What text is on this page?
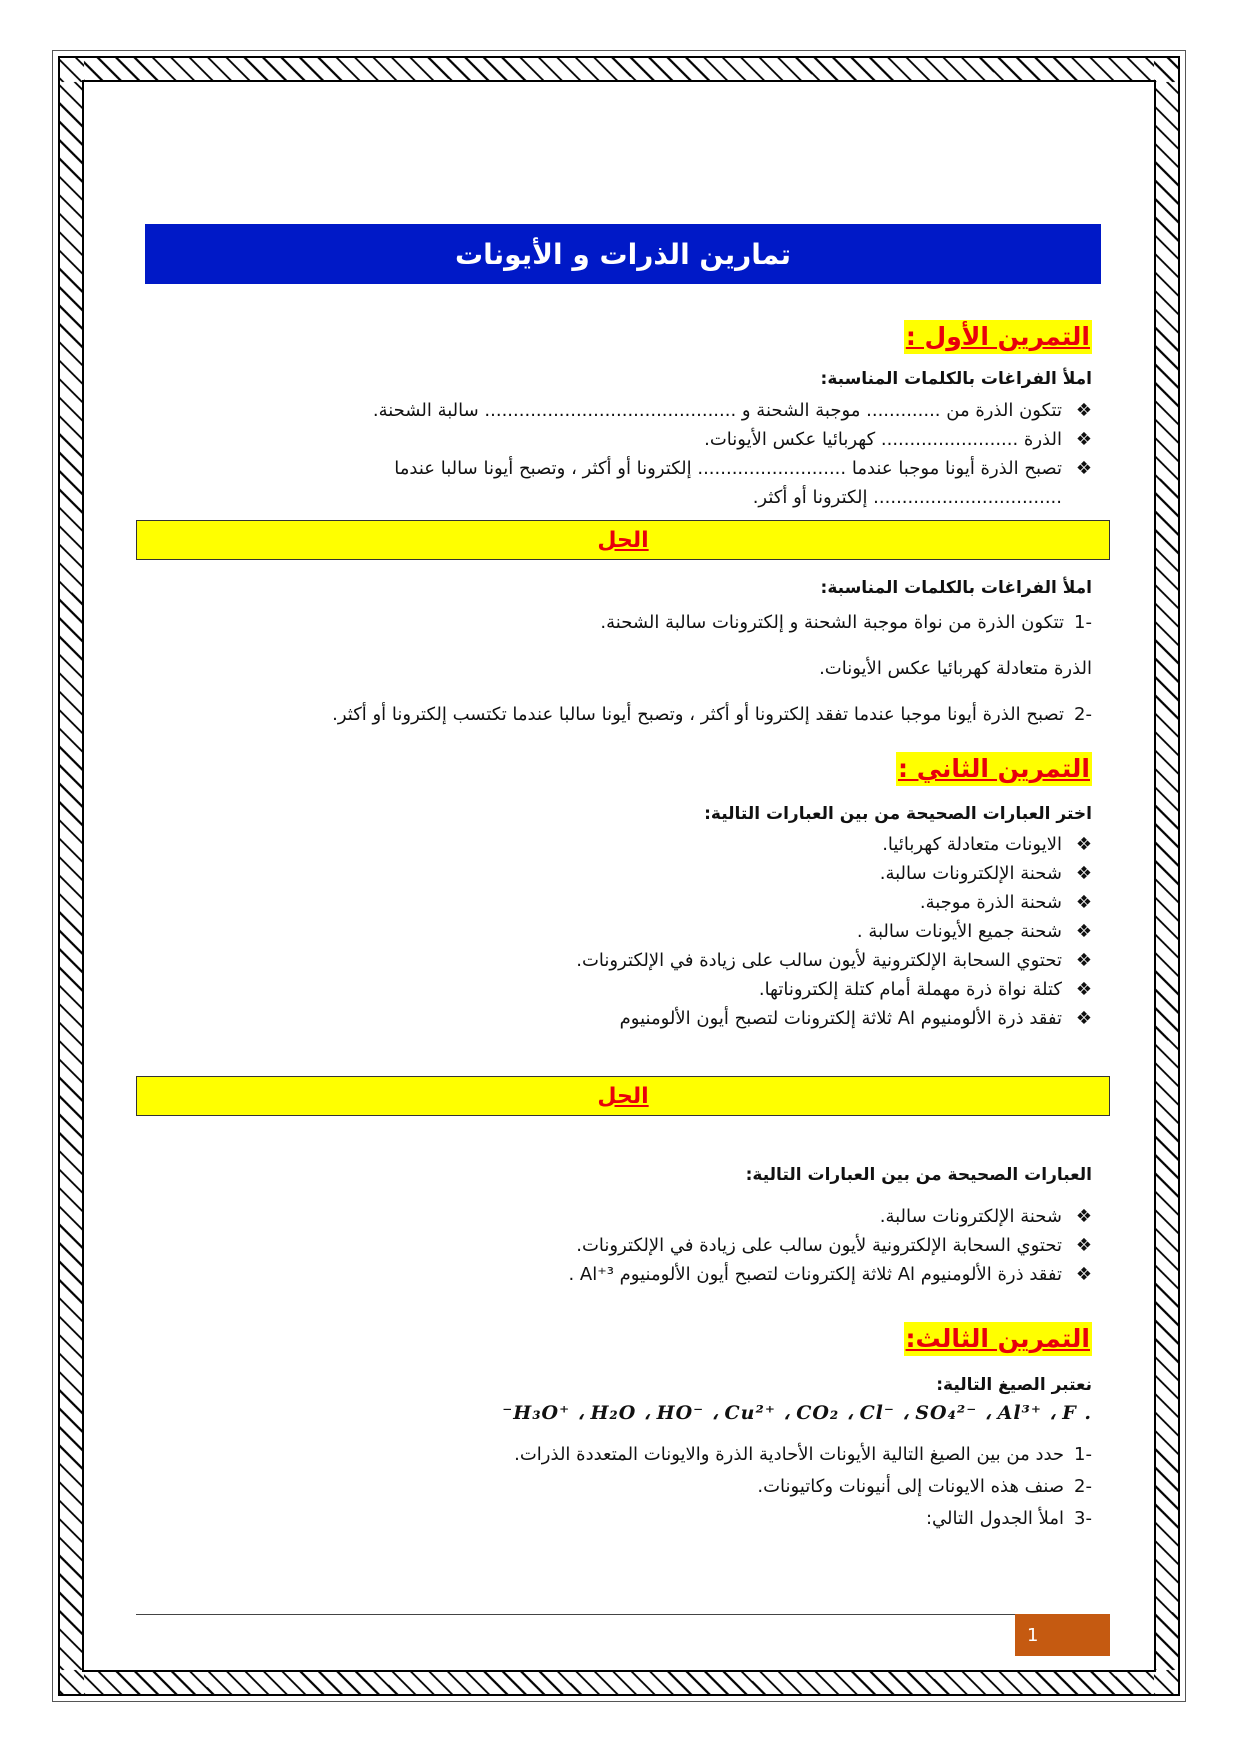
تمارين الذرات و الأيونات
التمرين الأول :
املأ الفراغات بالكلمات المناسبة:
❖
تتكون الذرة من ............. موجبة الشحنة و ............................................ سالبة الشحنة.
❖
الذرة ........................ كهربائيا عكس الأيونات.
❖
تصبح الذرة أيونا موجبا عندما .......................... إلكترونا أو أكثر ، وتصبح أيونا سالبا عندما
................................. إلكترونا أو أكثر.
الحل
املأ الفراغات بالكلمات المناسبة:
-1تتكون الذرة من نواة موجبة الشحنة و إلكترونات سالبة الشحنة.
الذرة متعادلة كهربائيا عكس الأيونات.
-2تصبح الذرة أيونا موجبا عندما تفقد إلكترونا أو أكثر ، وتصبح أيونا سالبا عندما تكتسب إلكترونا أو أكثر.
التمرين الثاني :
اختر العبارات الصحيحة من بين العبارات التالية:
❖
الايونات متعادلة كهربائيا.
❖
شحنة الإلكترونات سالبة.
❖
شحنة الذرة موجبة.
❖
شحنة جميع الأيونات سالبة .
❖
تحتوي السحابة الإلكترونية لأيون سالب على زيادة في الإلكترونات.
❖
كتلة نواة ذرة مهملة أمام كتلة إلكتروناتها.
❖
تفقد ذرة الألومنيوم Al ثلاثة إلكترونات لتصبح أيون الألومنيوم
الحل
العبارات الصحيحة من بين العبارات التالية:
❖
شحنة الإلكترونات سالبة.
❖
تحتوي السحابة الإلكترونية لأيون سالب على زيادة في الإلكترونات.
❖
تفقد ذرة الألومنيوم Al ثلاثة إلكترونات لتصبح أيون الألومنيوم Al⁺³ .
التمرين الثالث:
نعتبر الصيغ التالية:
. H₃O⁺ ، H₂O ، HO⁻ ، Cu²⁺ ، CO₂ ، Cl⁻ ، SO₄²⁻ ، Al³⁺ ، F⁻
-1حدد من بين الصيغ التالية الأيونات الأحادية الذرة والايونات المتعددة الذرات.
-2صنف هذه الايونات إلى أنيونات وكاتيونات.
-3املأ الجدول التالي:
1
